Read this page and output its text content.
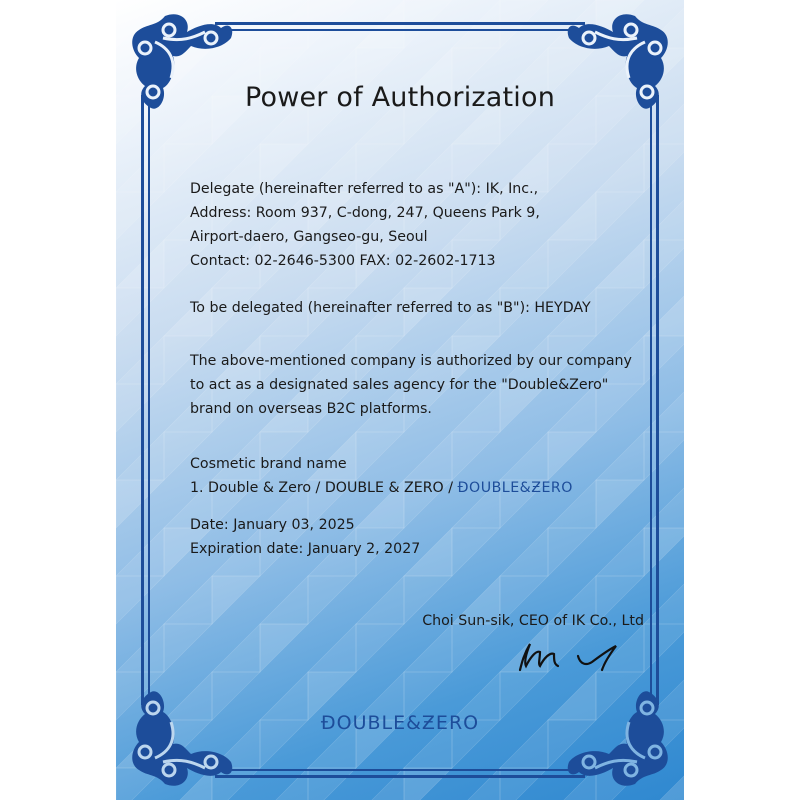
Power of Authorization
Delegate (hereinafter referred to as "A"): IK, Inc.,
Address: Room 937, C-dong, 247, Queens Park 9,
Airport-daero, Gangseo-gu, Seoul
Contact: 02-2646-5300 FAX: 02-2602-1713
To be delegated (hereinafter referred to as "B"): HEYDAY
The above-mentioned company is authorized by our company
to act as a designated sales agency for the "Double&Zero"
brand on overseas B2C platforms.
Cosmetic brand name
1. Double & Zero / DOUBLE & ZERO / ĐOUBLE&ƵERO
Date: January 03, 2025
Expiration date: January 2, 2027
Choi Sun-sik, CEO of IK Co., Ltd
ĐOUBLE&ƵERO
